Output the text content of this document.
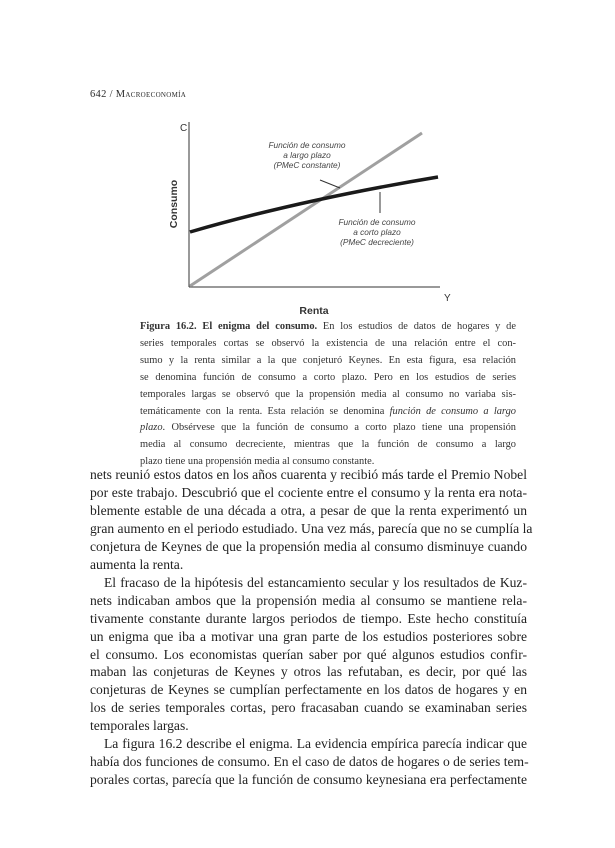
642 / Macroeconomía
C
Y
Consumo
Renta
Función de consumo
a largo plazo
(PMeC constante)
Función de consumo
a corto plazo
(PMeC decreciente)
Figura 16.2. El enigma del consumo. En los estudios de datos de hogares y de
series temporales cortas se observó la existencia de una relación entre el con-
sumo y la renta similar a la que conjeturó Keynes. En esta figura, esa relación
se denomina función de consumo a corto plazo. Pero en los estudios de series
temporales largas se observó que la propensión media al consumo no variaba sis-
temáticamente con la renta. Esta relación se denomina función de consumo a largo
plazo. Obsérvese que la función de consumo a corto plazo tiene una propensión
media al consumo decreciente, mientras que la función de consumo a largo
plazo tiene una propensión media al consumo constante.
nets reunió estos datos en los años cuarenta y recibió más tarde el Premio Nobel
por este trabajo. Descubrió que el cociente entre el consumo y la renta era nota-
blemente estable de una década a otra, a pesar de que la renta experimentó un
gran aumento en el periodo estudiado. Una vez más, parecía que no se cumplía la
conjetura de Keynes de que la propensión media al consumo disminuye cuando
aumenta la renta.
El fracaso de la hipótesis del estancamiento secular y los resultados de Kuz-
nets indicaban ambos que la propensión media al consumo se mantiene rela-
tivamente constante durante largos periodos de tiempo. Este hecho constituía
un enigma que iba a motivar una gran parte de los estudios posteriores sobre
el consumo. Los economistas querían saber por qué algunos estudios confir-
maban las conjeturas de Keynes y otros las refutaban, es decir, por qué las
conjeturas de Keynes se cumplían perfectamente en los datos de hogares y en
los de series temporales cortas, pero fracasaban cuando se examinaban series
temporales largas.
La figura 16.2 describe el enigma. La evidencia empírica parecía indicar que
había dos funciones de consumo. En el caso de datos de hogares o de series tem-
porales cortas, parecía que la función de consumo keynesiana era perfectamente
